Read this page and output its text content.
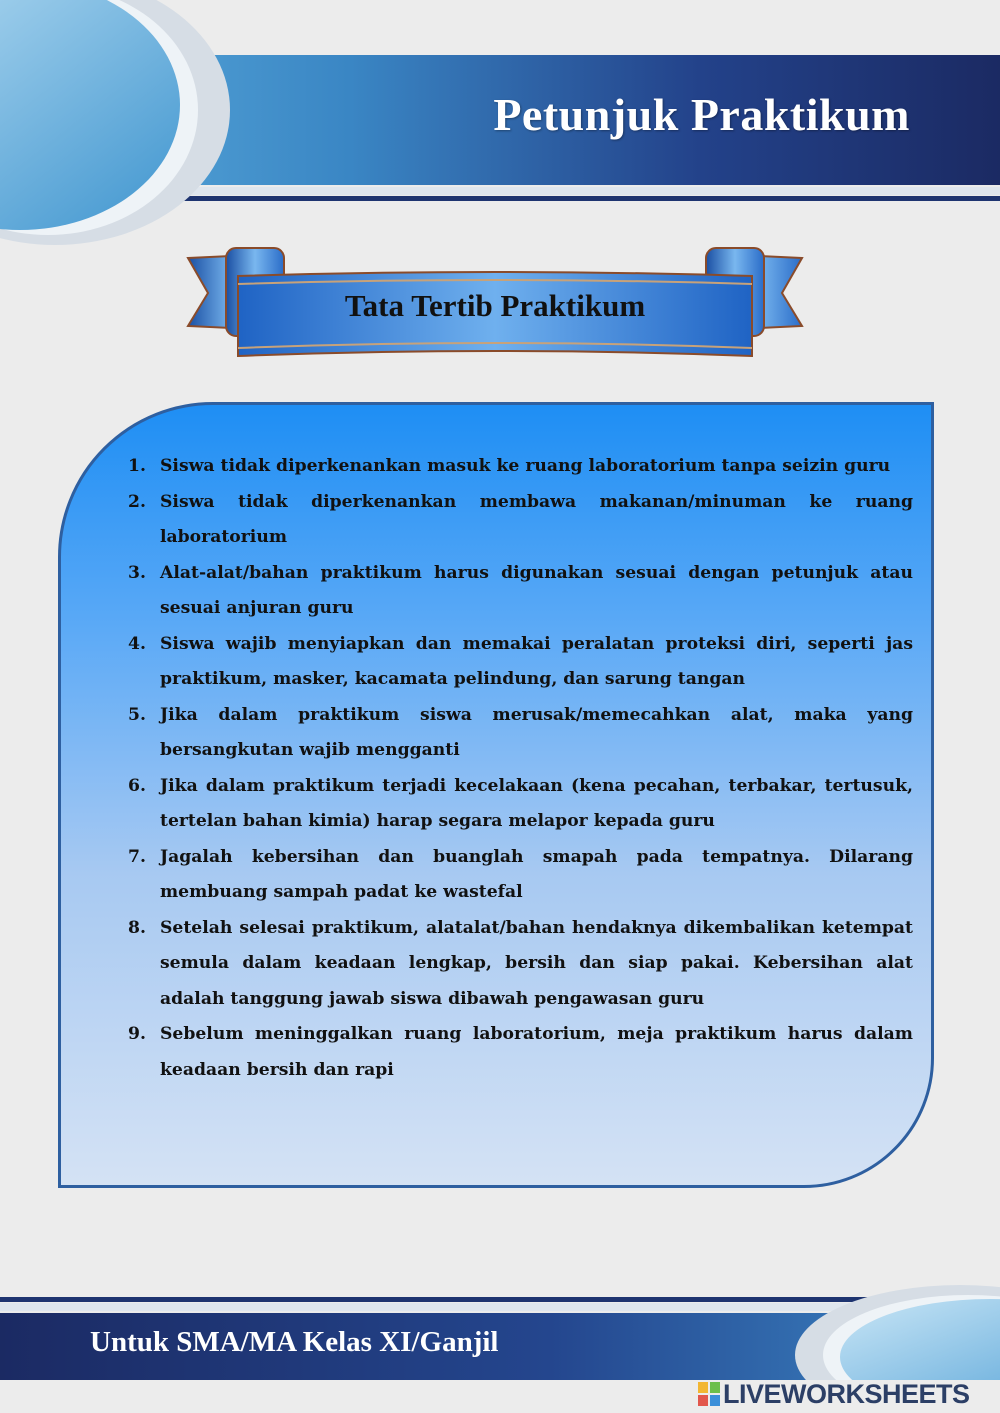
Petunjuk Praktikum
Tata Tertib Praktikum
1. Siswa tidak diperkenankan masuk ke ruang laboratorium tanpa seizin guru
2. Siswa tidak diperkenankan membawa makanan/minuman ke ruang laboratorium
3. Alat-alat/bahan praktikum harus digunakan sesuai dengan petunjuk atau sesuai anjuran guru
4. Siswa wajib menyiapkan dan memakai peralatan proteksi diri, seperti jas praktikum, masker, kacamata pelindung, dan sarung tangan
5. Jika dalam praktikum siswa merusak/memecahkan alat, maka yang bersangkutan wajib mengganti
6. Jika dalam praktikum terjadi kecelakaan (kena pecahan, terbakar, tertusuk, tertelan bahan kimia) harap segara melapor kepada guru
7. Jagalah kebersihan dan buanglah smapah pada tempatnya. Dilarang membuang sampah padat ke wastefal
8. Setelah selesai praktikum, alatalat/bahan hendaknya dikembalikan ketempat semula dalam keadaan lengkap, bersih dan siap pakai. Kebersihan alat adalah tanggung jawab siswa dibawah pengawasan guru
9. Sebelum meninggalkan ruang laboratorium, meja praktikum harus dalam keadaan bersih dan rapi
Untuk SMA/MA Kelas XI/Ganjil
LIVEWORKSHEETS
